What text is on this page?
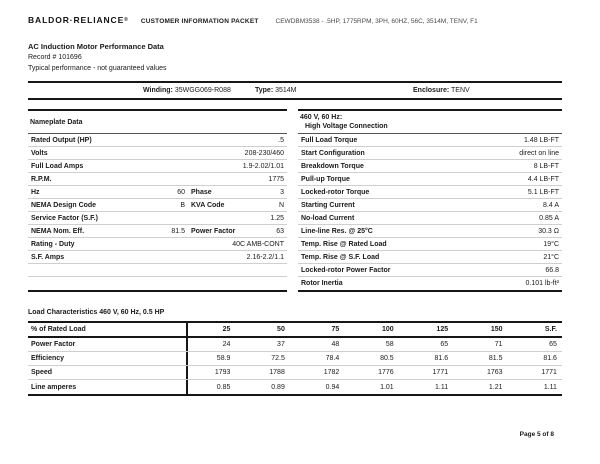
BALDOR·RELIANCE® CUSTOMER INFORMATION PACKET	CEWDBM3538 - .5HP, 1775RPM, 3PH, 60HZ, 56C, 3514M, TENV, F1
AC Induction Motor Performance Data
Record # 101696
Typical performance - not guaranteed values
Winding: 35WGG069-R088	Type: 3514M	Enclosure: TENV
Nameplate Data
Rated Output (HP)	.5
Volts	208-230/460
Full Load Amps	1.9-2.02/1.01
R.P.M.	1775
Hz	60 Phase	3
NEMA Design Code	B KVA Code	N
Service Factor (S.F.)	1.25
NEMA Nom. Eff.	81.5 Power Factor	63
Rating - Duty	40C AMB-CONT
S.F. Amps	2.16-2.2/1.1
460 V, 60 Hz:
High Voltage Connection
Full Load Torque	1.48 LB-FT
Start Configuration	direct on line
Breakdown Torque	8 LB-FT
Pull-up Torque	4.4 LB-FT
Locked-rotor Torque	5.1 LB-FT
Starting Current	8.4 A
No-load Current	0.85 A
Line-line Res. @ 25°C	30.3 Ω
Temp. Rise @ Rated Load	19°C
Temp. Rise @ S.F. Load	21°C
Locked-rotor Power Factor	66.8
Rotor Inertia	0.101 lb-ft²
Load Characteristics 460 V, 60 Hz, 0.5 HP
% of Rated Load	25	50	75	100	125	150	S.F.
Power Factor	24	37	48	58	65	71	65
Efficiency	58.9	72.5	78.4	80.5	81.6	81.5	81.6
Speed	1793	1788	1782	1776	1771	1763	1771
Line amperes	0.85	0.89	0.94	1.01	1.11	1.21	1.11
Page 5 of 8
